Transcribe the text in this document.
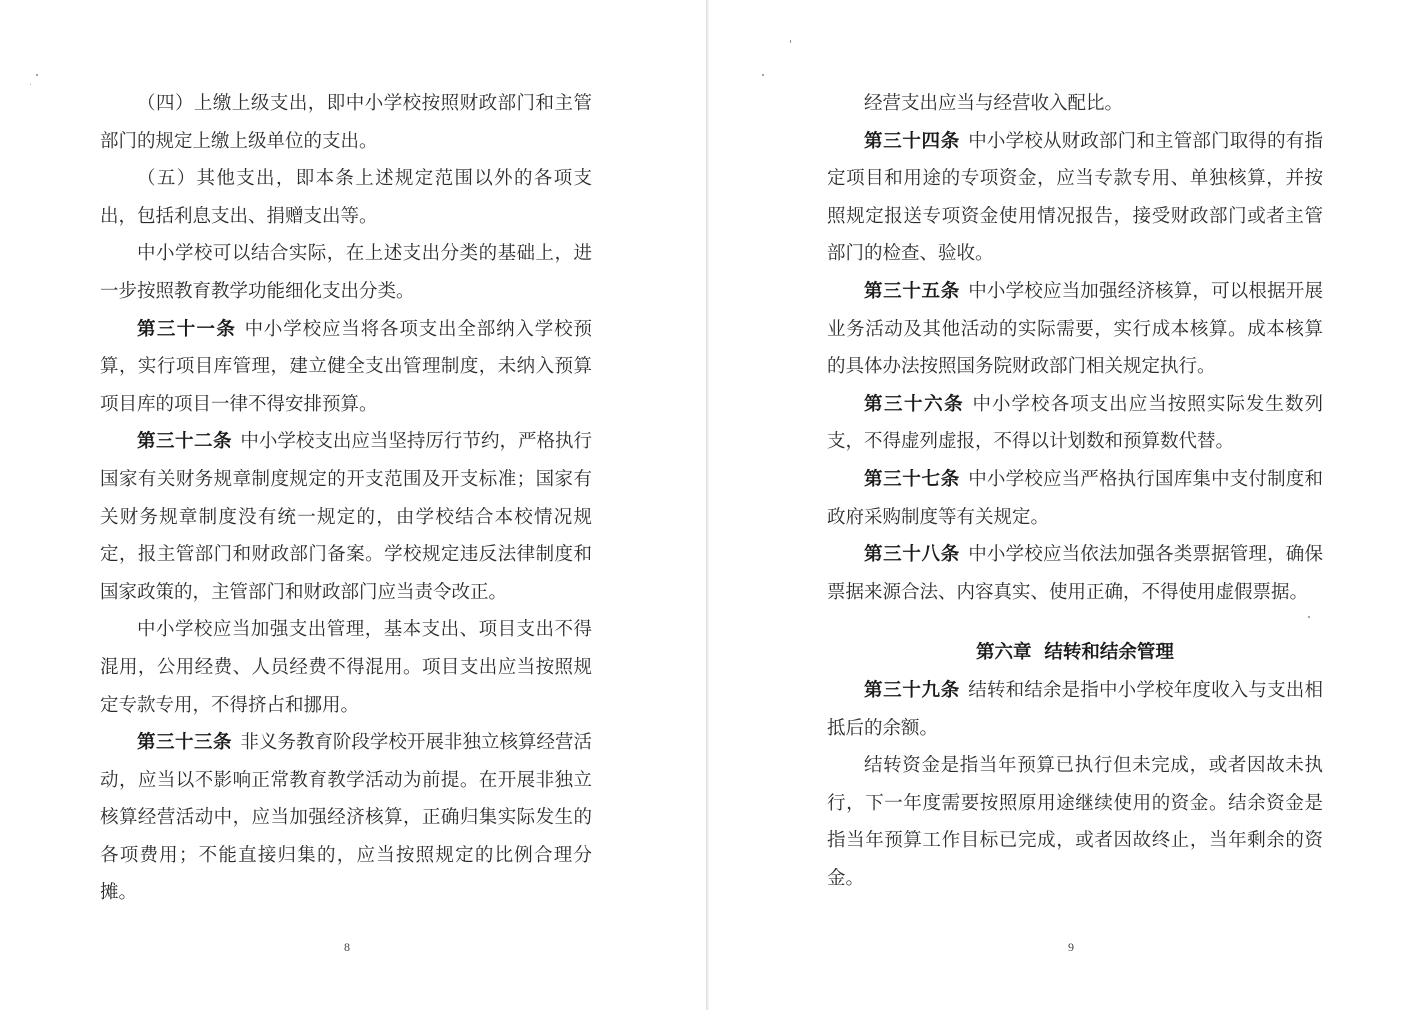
（四）上缴上级支出，即中小学校按照财政部门和主管部门的规定上缴上级单位的支出。

（五）其他支出，即本条上述规定范围以外的各项支出，包括利息支出、捐赠支出等。

中小学校可以结合实际，在上述支出分类的基础上，进一步按照教育教学功能细化支出分类。

第三十一条 中小学校应当将各项支出全部纳入学校预算，实行项目库管理，建立健全支出管理制度，未纳入预算项目库的项目一律不得安排预算。

第三十二条 中小学校支出应当坚持厉行节约，严格执行国家有关财务规章制度规定的开支范围及开支标准；国家有关财务规章制度没有统一规定的，由学校结合本校情况规定，报主管部门和财政部门备案。学校规定违反法律制度和国家政策的，主管部门和财政部门应当责令改正。

中小学校应当加强支出管理，基本支出、项目支出不得混用，公用经费、人员经费不得混用。项目支出应当按照规定专款专用，不得挤占和挪用。

第三十三条 非义务教育阶段学校开展非独立核算经营活动，应当以不影响正常教育教学活动为前提。在开展非独立核算经营活动中，应当加强经济核算，正确归集实际发生的各项费用；不能直接归集的，应当按照规定的比例合理分摊。

8

经营支出应当与经营收入配比。

第三十四条 中小学校从财政部门和主管部门取得的有指定项目和用途的专项资金，应当专款专用、单独核算，并按照规定报送专项资金使用情况报告，接受财政部门或者主管部门的检查、验收。

第三十五条 中小学校应当加强经济核算，可以根据开展业务活动及其他活动的实际需要，实行成本核算。成本核算的具体办法按照国务院财政部门相关规定执行。

第三十六条 中小学校各项支出应当按照实际发生数列支，不得虚列虚报，不得以计划数和预算数代替。

第三十七条 中小学校应当严格执行国库集中支付制度和政府采购制度等有关规定。

第三十八条 中小学校应当依法加强各类票据管理，确保票据来源合法、内容真实、使用正确，不得使用虚假票据。

第六章  结转和结余管理

第三十九条 结转和结余是指中小学校年度收入与支出相抵后的余额。

结转资金是指当年预算已执行但未完成，或者因故未执行，下一年度需要按照原用途继续使用的资金。结余资金是指当年预算工作目标已完成，或者因故终止，当年剩余的资金。

9
